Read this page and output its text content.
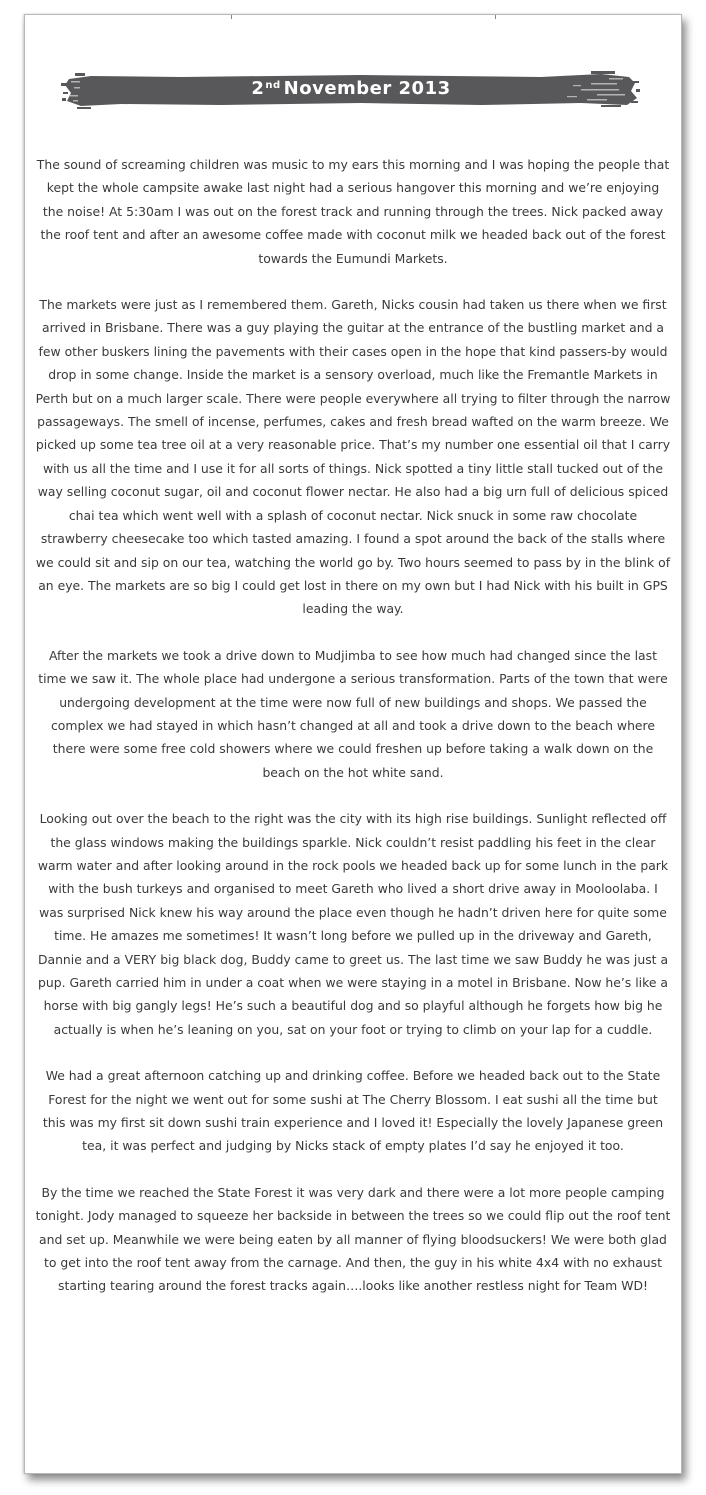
2nd November 2013

The sound of screaming children was music to my ears this morning and I was hoping the people that kept the whole campsite awake last night had a serious hangover this morning and we’re enjoying the noise! At 5:30am I was out on the forest track and running through the trees. Nick packed away the roof tent and after an awesome coffee made with coconut milk we headed back out of the forest towards the Eumundi Markets.

The markets were just as I remembered them. Gareth, Nicks cousin had taken us there when we first arrived in Brisbane. There was a guy playing the guitar at the entrance of the bustling market and a few other buskers lining the pavements with their cases open in the hope that kind passers-by would drop in some change. Inside the market is a sensory overload, much like the Fremantle Markets in Perth but on a much larger scale. There were people everywhere all trying to filter through the narrow passageways. The smell of incense, perfumes, cakes and fresh bread wafted on the warm breeze. We picked up some tea tree oil at a very reasonable price. That’s my number one essential oil that I carry with us all the time and I use it for all sorts of things. Nick spotted a tiny little stall tucked out of the way selling coconut sugar, oil and coconut flower nectar. He also had a big urn full of delicious spiced chai tea which went well with a splash of coconut nectar. Nick snuck in some raw chocolate strawberry cheesecake too which tasted amazing. I found a spot around the back of the stalls where we could sit and sip on our tea, watching the world go by. Two hours seemed to pass by in the blink of an eye. The markets are so big I could get lost in there on my own but I had Nick with his built in GPS leading the way.

After the markets we took a drive down to Mudjimba to see how much had changed since the last time we saw it. The whole place had undergone a serious transformation. Parts of the town that were undergoing development at the time were now full of new buildings and shops. We passed the complex we had stayed in which hasn’t changed at all and took a drive down to the beach where there were some free cold showers where we could freshen up before taking a walk down on the beach on the hot white sand.

Looking out over the beach to the right was the city with its high rise buildings. Sunlight reflected off the glass windows making the buildings sparkle. Nick couldn’t resist paddling his feet in the clear warm water and after looking around in the rock pools we headed back up for some lunch in the park with the bush turkeys and organised to meet Gareth who lived a short drive away in Mooloolaba. I was surprised Nick knew his way around the place even though he hadn’t driven here for quite some time. He amazes me sometimes! It wasn’t long before we pulled up in the driveway and Gareth, Dannie and a VERY big black dog, Buddy came to greet us. The last time we saw Buddy he was just a pup. Gareth carried him in under a coat when we were staying in a motel in Brisbane. Now he’s like a horse with big gangly legs! He’s such a beautiful dog and so playful although he forgets how big he actually is when he’s leaning on you, sat on your foot or trying to climb on your lap for a cuddle.

We had a great afternoon catching up and drinking coffee. Before we headed back out to the State Forest for the night we went out for some sushi at The Cherry Blossom. I eat sushi all the time but this was my first sit down sushi train experience and I loved it! Especially the lovely Japanese green tea, it was perfect and judging by Nicks stack of empty plates I’d say he enjoyed it too.

By the time we reached the State Forest it was very dark and there were a lot more people camping tonight. Jody managed to squeeze her backside in between the trees so we could flip out the roof tent and set up. Meanwhile we were being eaten by all manner of flying bloodsuckers! We were both glad to get into the roof tent away from the carnage. And then, the guy in his white 4x4 with no exhaust starting tearing around the forest tracks again….looks like another restless night for Team WD!
